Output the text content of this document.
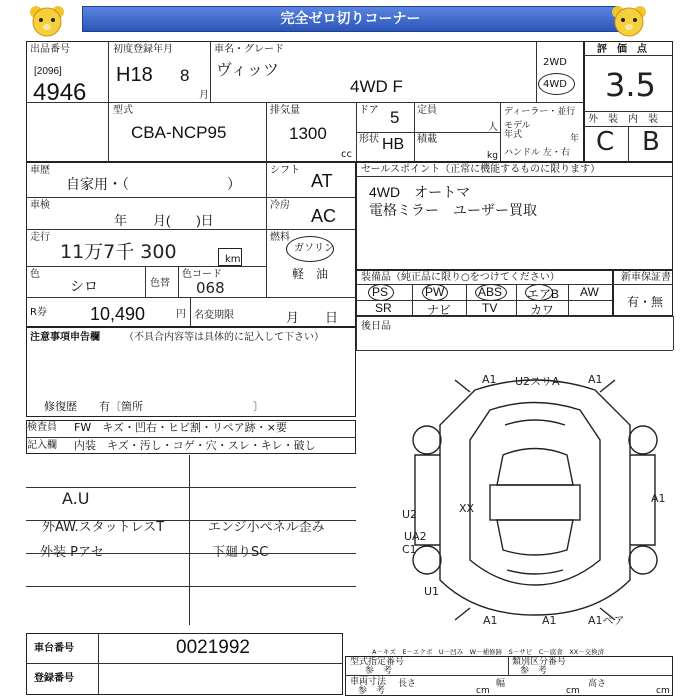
完全ゼロ切りコーナー
出品番号
[2096]
4946
初度登録年月
H18 8
月
車名・グレード
ヴィッツ
4WD F
2WD
4WD
評　価　点
3.5
外　装　内　装
C B
型式
CBA-NCP95
排気量
1300
cc
ドア 5 定員
人
形状 HB 積載
kg
ディーラー・並行
モデル
年式	年
ハンドル 左・右
車歴
自家用・（　　　　　　　）
シフト
AT
車検
年　　月(　　)日
冷房
AC
走行
11万7千 300	km
燃料
ガソリン
軽　油
色
シロ	色替
色コード
068
R券 10,490	円 名変期限	月　　日
セールスポイント（正常に機能するものに限ります）
4WD　オートマ
電格ミラー　ユーザー買取
装備品（純正品に限り○をつけてください）	新車保証書
有・無
PS	PW	ABS エアB AW
SR	ナビ	TV	カワ
後日品
注意事項申告欄 （不具合内容等は具体的に記入して下さい）
修復歴　　有〔箇所　　　　　　　　　　〕
検査員
記入欄
FW　キズ・凹右・ヒビ割・リペア跡・×要
内装　キズ・汚し・コゲ・穴・スレ・キレ・破し
A.U
外AW.スタットレスT	エンジ小ぺネル歪み
外装 Pアセ	下廻りSC
A1 U2スリA	A1
A1
U2
UA2
C1
XX
U1
A1	A1	A1ペア
A－キズ　E－エクボ　U－凹み　W－補修跡　S－サビ　C－腐食　XX－交換済
車台番号	0021992
登録番号
型式指定番号
参　考
類別区分番号
参　考
車両寸法
参　考
長さ
cm
幅
cm
高さ
cm
